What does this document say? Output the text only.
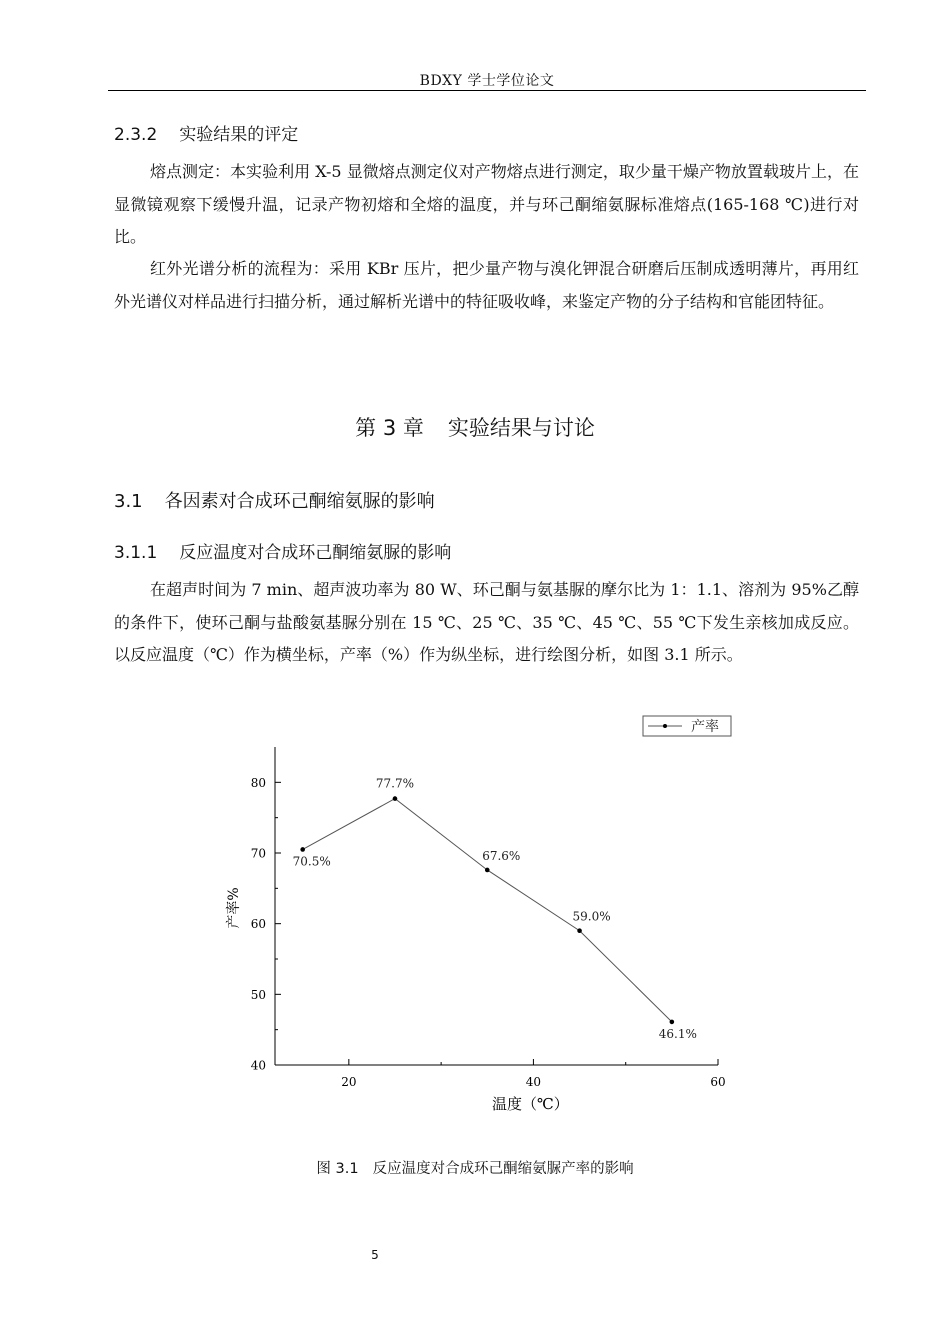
BDXY 学士学位论文
2.3.2 实验结果的评定

熔点测定：本实验利用 X-5 显微熔点测定仪对产物熔点进行测定，取少量干燥产物放置载玻片上，在显微镜观察下缓慢升温，记录产物初熔和全熔的温度，并与环己酮缩氨脲标准熔点(165-168 ℃)进行对比。

红外光谱分析的流程为：采用 KBr 压片，把少量产物与溴化钾混合研磨后压制成透明薄片，再用红外光谱仪对样品进行扫描分析，通过解析光谱中的特征吸收峰，来鉴定产物的分子结构和官能团特征。

第 3 章 实验结果与讨论
3.1 各因素对合成环己酮缩氨脲的影响
3.1.1 反应温度对合成环己酮缩氨脲的影响

在超声时间为 7 min、超声波功率为 80 W、环己酮与氨基脲的摩尔比为 1：1.1、溶剂为 95%乙醇的条件下，使环己酮与盐酸氨基脲分别在 15 ℃、25 ℃、35 ℃、45 ℃、55 ℃下发生亲核加成反应。以反应温度（℃）作为横坐标，产率（%）作为纵坐标，进行绘图分析，如图 3.1 所示。

温度（℃）
产率%
40
50
60
70
80
20	40	60
70.5%
77.7%
67.6%
59.0%
46.1%
产率
图 3.1 反应温度对合成环己酮缩氨脲产率的影响
5
